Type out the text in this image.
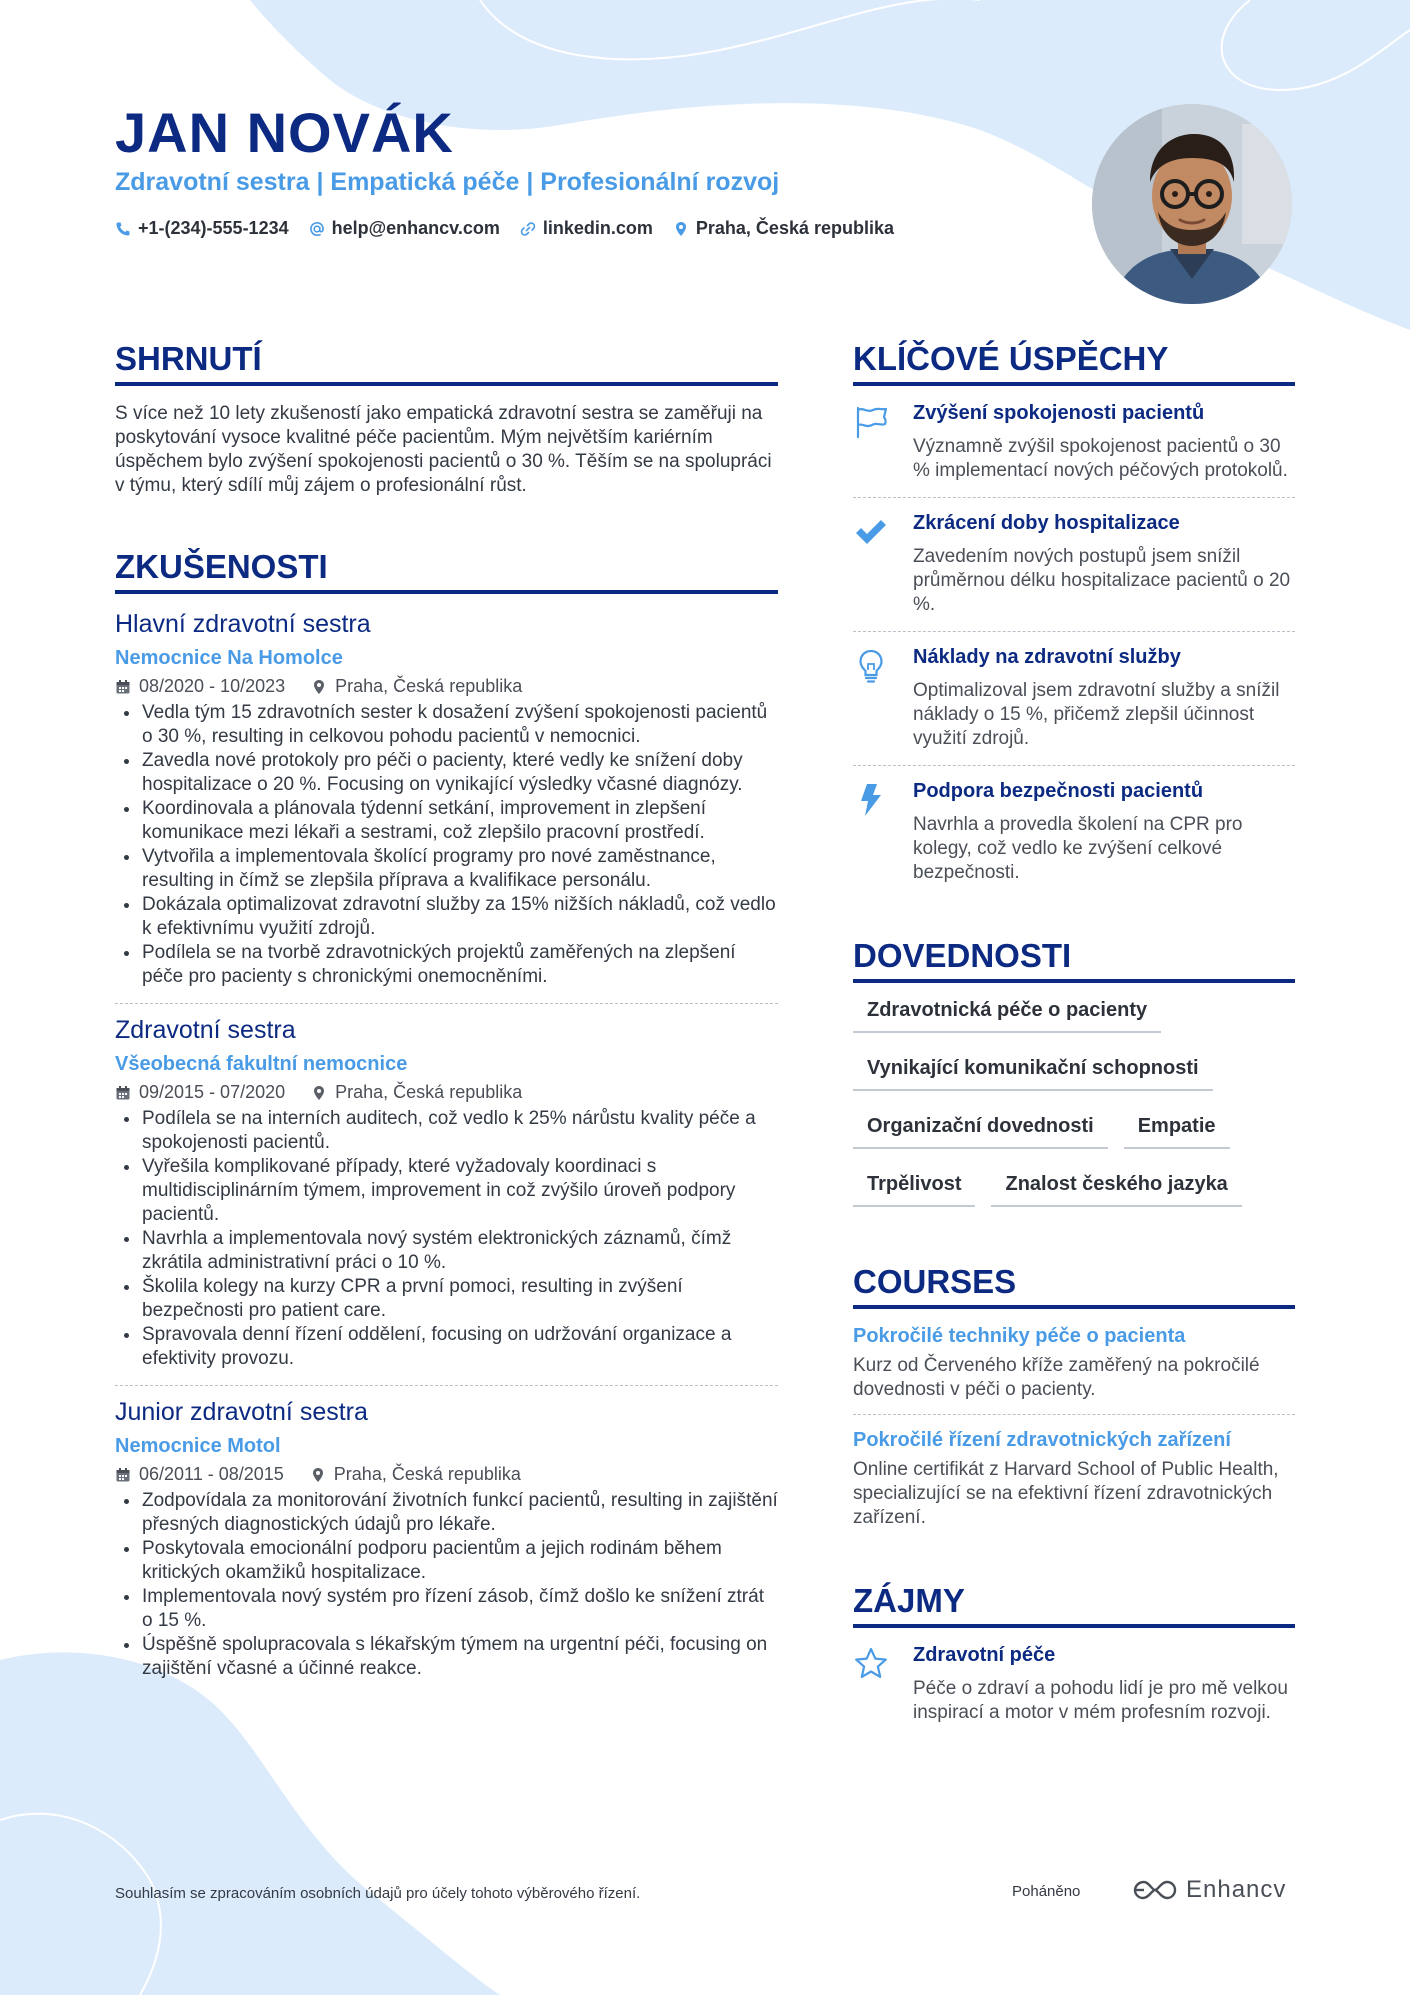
JAN NOVÁK
Zdravotní sestra | Empatická péče | Profesionální rozvoj
+1-(234)-555-1234 help@enhancv.com linkedin.com Praha, Česká republika
SHRNUTÍ
S více než 10 lety zkušeností jako empatická zdravotní sestra se zaměřuji na poskytování vysoce kvalitné péče pacientům. Mým největším kariérním úspěchem bylo zvýšení spokojenosti pacientů o 30 %. Těším se na spolupráci v týmu, který sdílí můj zájem o profesionální růst.
ZKUŠENOSTI
Hlavní zdravotní sestra
Nemocnice Na Homolce
08/2020 - 10/2023	Praha, Česká republika
Vedla tým 15 zdravotních sester k dosažení zvýšení spokojenosti pacientů o 30 %, resulting in celkovou pohodu pacientů v nemocnici.
Zavedla nové protokoly pro péči o pacienty, které vedly ke snížení doby hospitalizace o 20 %. Focusing on vynikající výsledky včasné diagnózy.
Koordinovala a plánovala týdenní setkání, improvement in zlepšení komunikace mezi lékaři a sestrami, což zlepšilo pracovní prostředí.
Vytvořila a implementovala školící programy pro nové zaměstnance, resulting in čímž se zlepšila příprava a kvalifikace personálu.
Dokázala optimalizovat zdravotní služby za 15% nižších nákladů, což vedlo k efektivnímu využití zdrojů.
Podílela se na tvorbě zdravotnických projektů zaměřených na zlepšení péče pro pacienty s chronickými onemocněními.
Zdravotní sestra
Všeobecná fakultní nemocnice
09/2015 - 07/2020	Praha, Česká republika
Podílela se na interních auditech, což vedlo k 25% nárůstu kvality péče a spokojenosti pacientů.
Vyřešila komplikované případy, které vyžadovaly koordinaci s multidisciplinárním týmem, improvement in což zvýšilo úroveň podpory pacientů.
Navrhla a implementovala nový systém elektronických záznamů, čímž zkrátila administrativní práci o 10 %.
Školila kolegy na kurzy CPR a první pomoci, resulting in zvýšení bezpečnosti pro patient care.
Spravovala denní řízení oddělení, focusing on udržování organizace a efektivity provozu.
Junior zdravotní sestra
Nemocnice Motol
06/2011 - 08/2015	Praha, Česká republika
Zodpovídala za monitorování životních funkcí pacientů, resulting in zajištění přesných diagnostických údajů pro lékaře.
Poskytovala emocionální podporu pacientům a jejich rodinám během kritických okamžiků hospitalizace.
Implementovala nový systém pro řízení zásob, čímž došlo ke snížení ztrát o 15 %.
Úspěšně spolupracovala s lékařským týmem na urgentní péči, focusing on zajištění včasné a účinné reakce.
KLÍČOVÉ ÚSPĚCHY
Zvýšení spokojenosti pacientů
Významně zvýšil spokojenost pacientů o 30 % implementací nových péčových protokolů.
Zkrácení doby hospitalizace
Zavedením nových postupů jsem snížil průměrnou délku hospitalizace pacientů o 20 %.
Náklady na zdravotní služby
Optimalizoval jsem zdravotní služby a snížil náklady o 15 %, přičemž zlepšil účinnost využití zdrojů.
Podpora bezpečnosti pacientů
Navrhla a provedla školení na CPR pro kolegy, což vedlo ke zvýšení celkové bezpečnosti.
DOVEDNOSTI
Zdravotnická péče o pacienty
Vynikající komunikační schopnosti
Organizační dovednosti	Empatie
Trpělivost	Znalost českého jazyka
COURSES
Pokročilé techniky péče o pacienta
Kurz od Červeného kříže zaměřený na pokročilé dovednosti v péči o pacienty.
Pokročilé řízení zdravotnických zařízení
Online certifikát z Harvard School of Public Health, specializující se na efektivní řízení zdravotnických zařízení.
ZÁJMY
Zdravotní péče
Péče o zdraví a pohodu lidí je pro mě velkou inspirací a motor v mém profesním rozvoji.
Souhlasím se zpracováním osobních údajů pro účely tohoto výběrového řízení.	Poháněno	Enhancv
